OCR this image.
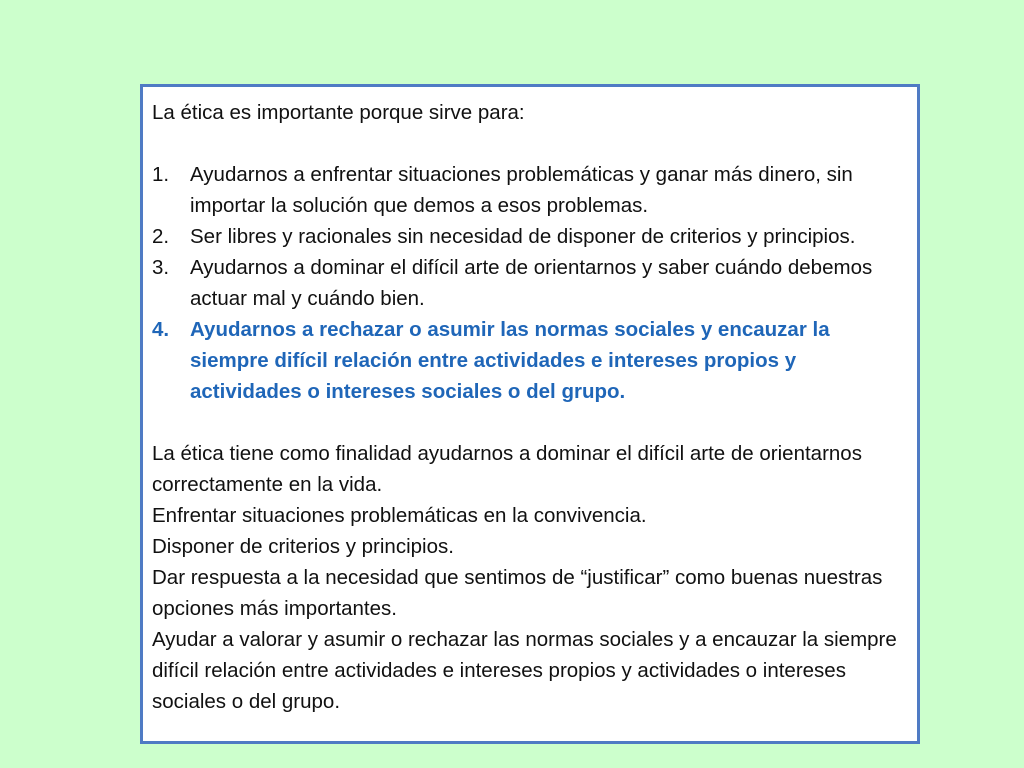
La ética es importante porque sirve para:

1.	Ayudarnos a enfrentar situaciones problemáticas y ganar más dinero, sin importar la solución que demos a esos problemas.
2.	Ser libres y racionales sin necesidad de disponer de criterios y principios.
3.	Ayudarnos a dominar el difícil arte de orientarnos y saber cuándo debemos actuar mal y cuándo bien.
4.	Ayudarnos a rechazar o asumir las normas sociales y encauzar la siempre difícil relación entre actividades e intereses propios y actividades o intereses sociales o del grupo.

La ética tiene como finalidad ayudarnos a dominar el difícil arte de orientarnos correctamente en la vida.

Enfrentar situaciones problemáticas en la convivencia.

Disponer de criterios y principios.

Dar respuesta a la necesidad que sentimos de “justificar” como buenas nuestras opciones más importantes.

Ayudar a valorar y asumir o rechazar las normas sociales y a encauzar la siempre difícil relación entre actividades e intereses propios y actividades o intereses sociales o del grupo.
